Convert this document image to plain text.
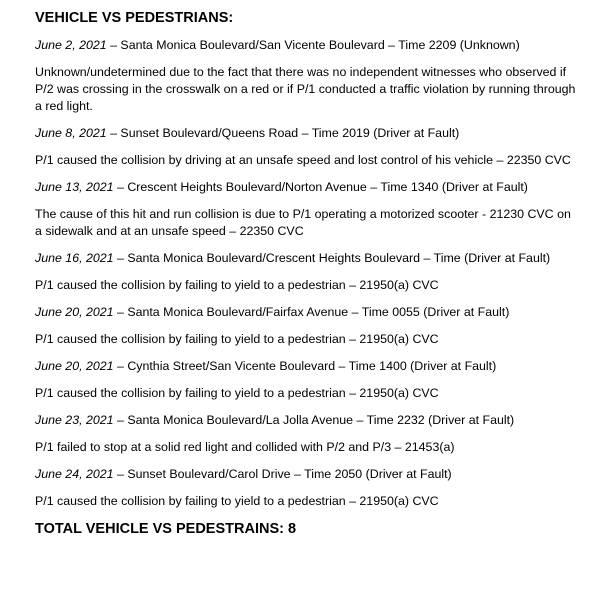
VEHICLE VS PEDESTRIANS:
June 2, 2021 – Santa Monica Boulevard/San Vicente Boulevard – Time 2209 (Unknown)
Unknown/undetermined due to the fact that there was no independent witnesses who observed if P/2 was crossing in the crosswalk on a red or if P/1 conducted a traffic violation by running through a red light.
June 8, 2021 – Sunset Boulevard/Queens Road – Time 2019 (Driver at Fault)
P/1 caused the collision by driving at an unsafe speed and lost control of his vehicle – 22350 CVC
June 13, 2021 – Crescent Heights Boulevard/Norton Avenue – Time 1340 (Driver at Fault)
The cause of this hit and run collision is due to P/1 operating a motorized scooter - 21230 CVC on a sidewalk and at an unsafe speed – 22350 CVC
June 16, 2021 – Santa Monica Boulevard/Crescent Heights Boulevard – Time (Driver at Fault)
P/1 caused the collision by failing to yield to a pedestrian – 21950(a) CVC
June 20, 2021 – Santa Monica Boulevard/Fairfax Avenue – Time 0055 (Driver at Fault)
P/1 caused the collision by failing to yield to a pedestrian – 21950(a) CVC
June 20, 2021 – Cynthia Street/San Vicente Boulevard – Time 1400 (Driver at Fault)
P/1 caused the collision by failing to yield to a pedestrian – 21950(a) CVC
June 23, 2021 – Santa Monica Boulevard/La Jolla Avenue – Time 2232 (Driver at Fault)
P/1 failed to stop at a solid red light and collided with P/2 and P/3 – 21453(a)
June 24, 2021 – Sunset Boulevard/Carol Drive – Time 2050 (Driver at Fault)
P/1 caused the collision by failing to yield to a pedestrian – 21950(a) CVC
TOTAL VEHICLE VS PEDESTRAINS: 8
